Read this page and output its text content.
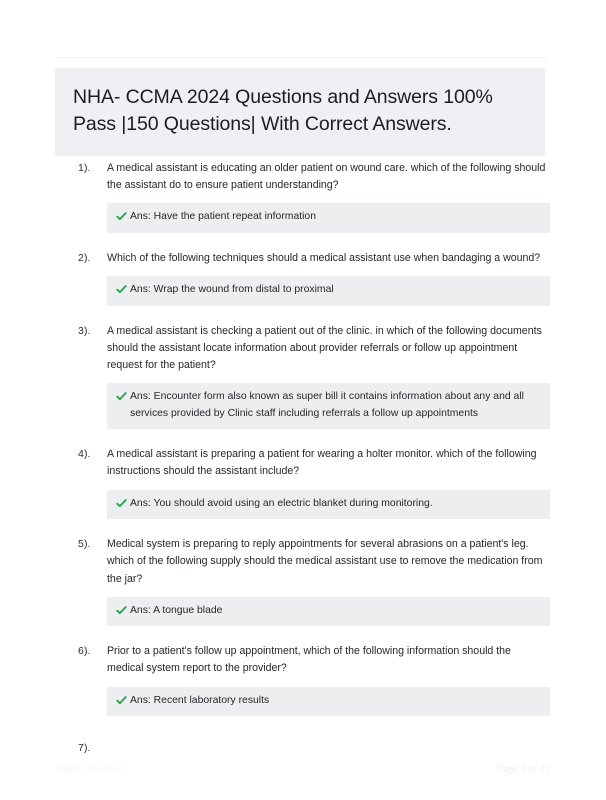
NHA- CCMA 2024 Questions and Answers 100% Pass |150 Questions| With Correct Answers.
1).	A medical assistant is educating an older patient on wound care. which of the following should the assistant do to ensure patient understanding?
Ans: Have the patient repeat information
2).	Which of the following techniques should a medical assistant use when bandaging a wound?
Ans: Wrap the wound from distal to proximal
3).	A medical assistant is checking a patient out of the clinic. in which of the following documents should the assistant locate information about provider referrals or follow up appointment request for the patient?
Ans: Encounter form also known as super bill it contains information about any and all services provided by Clinic staff including referrals a follow up appointments
4).	A medical assistant is preparing a patient for wearing a holter monitor. which of the following instructions should the assistant include?
Ans: You should avoid using an electric blanket during monitoring.
5).	Medical system is preparing to reply appointments for several abrasions on a patient's leg. which of the following supply should the medical assistant use to remove the medication from the jar?
Ans: A tongue blade
6).	Prior to a patient's follow up appointment, which of the following information should the medical system report to the provider?
Ans: Recent laboratory results
7).
PaperStific.com	Page 1 of 21
